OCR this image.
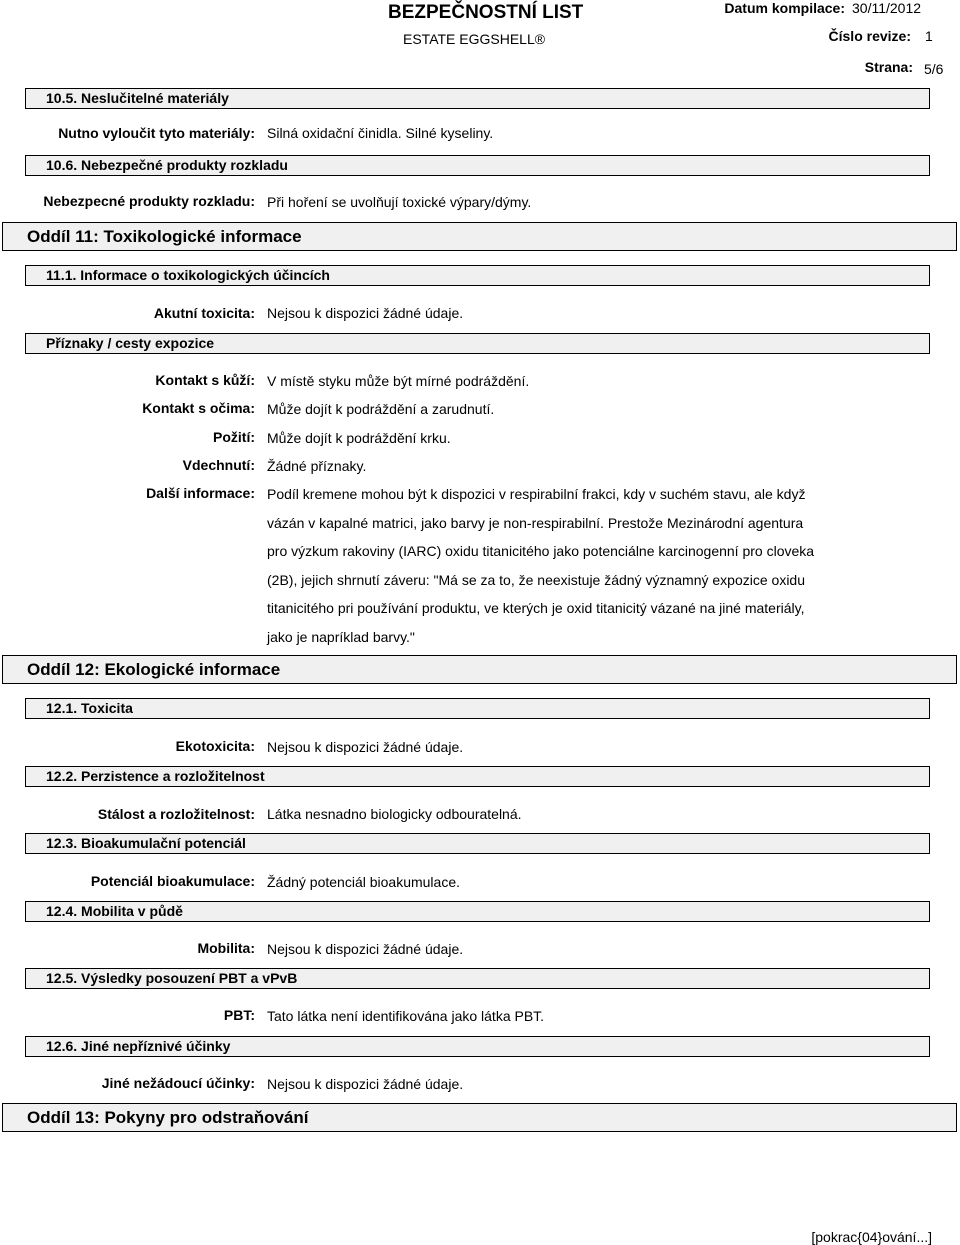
BEZPEČNOSTNÍ LIST
ESTATE EGGSHELL®
Datum kompilace: 30/11/2012
Číslo revize: 1
Strana: 5/6
10.5. Neslučitelné materiály
Nutno vyloučit tyto materiály: Silná oxidační činidla. Silné kyseliny.
10.6. Nebezpečné produkty rozkladu
Nebezpecné produkty rozkladu: Při hoření se uvolňují toxické výpary/dýmy.
Oddíl 11: Toxikologické informace
11.1. Informace o toxikologických účincích
Akutní toxicita: Nejsou k dispozici žádné údaje.
Příznaky / cesty expozice
Kontakt s kůží: V místě styku může být mírné podráždění.
Kontakt s očima: Může dojít k podráždění a zarudnutí.
Požití: Může dojít k podráždění krku.
Vdechnutí: Žádné příznaky.
Další informace: Podíl kremene mohou být k dispozici v respirabilní frakci, kdy v suchém stavu, ale když
vázán v kapalné matrici, jako barvy je non-respirabilní. Prestože Mezinárodní agentura
pro výzkum rakoviny (IARC) oxidu titanicitého jako potenciálne karcinogenní pro cloveka
(2B), jejich shrnutí záveru: "Má se za to, že neexistuje žádný významný expozice oxidu
titanicitého pri používání produktu, ve kterých je oxid titanicitý vázané na jiné materiály,
jako je napríklad barvy."
Oddíl 12: Ekologické informace
12.1. Toxicita
Ekotoxicita: Nejsou k dispozici žádné údaje.
12.2. Perzistence a rozložitelnost
Stálost a rozložitelnost: Látka nesnadno biologicky odbouratelná.
12.3. Bioakumulační potenciál
Potenciál bioakumulace: Žádný potenciál bioakumulace.
12.4. Mobilita v půdě
Mobilita: Nejsou k dispozici žádné údaje.
12.5. Výsledky posouzení PBT a vPvB
PBT: Tato látka není identifikována jako látka PBT.
12.6. Jiné nepříznivé účinky
Jiné nežádoucí účinky: Nejsou k dispozici žádné údaje.
Oddíl 13: Pokyny pro odstraňování
[pokrac{04}ování...]
